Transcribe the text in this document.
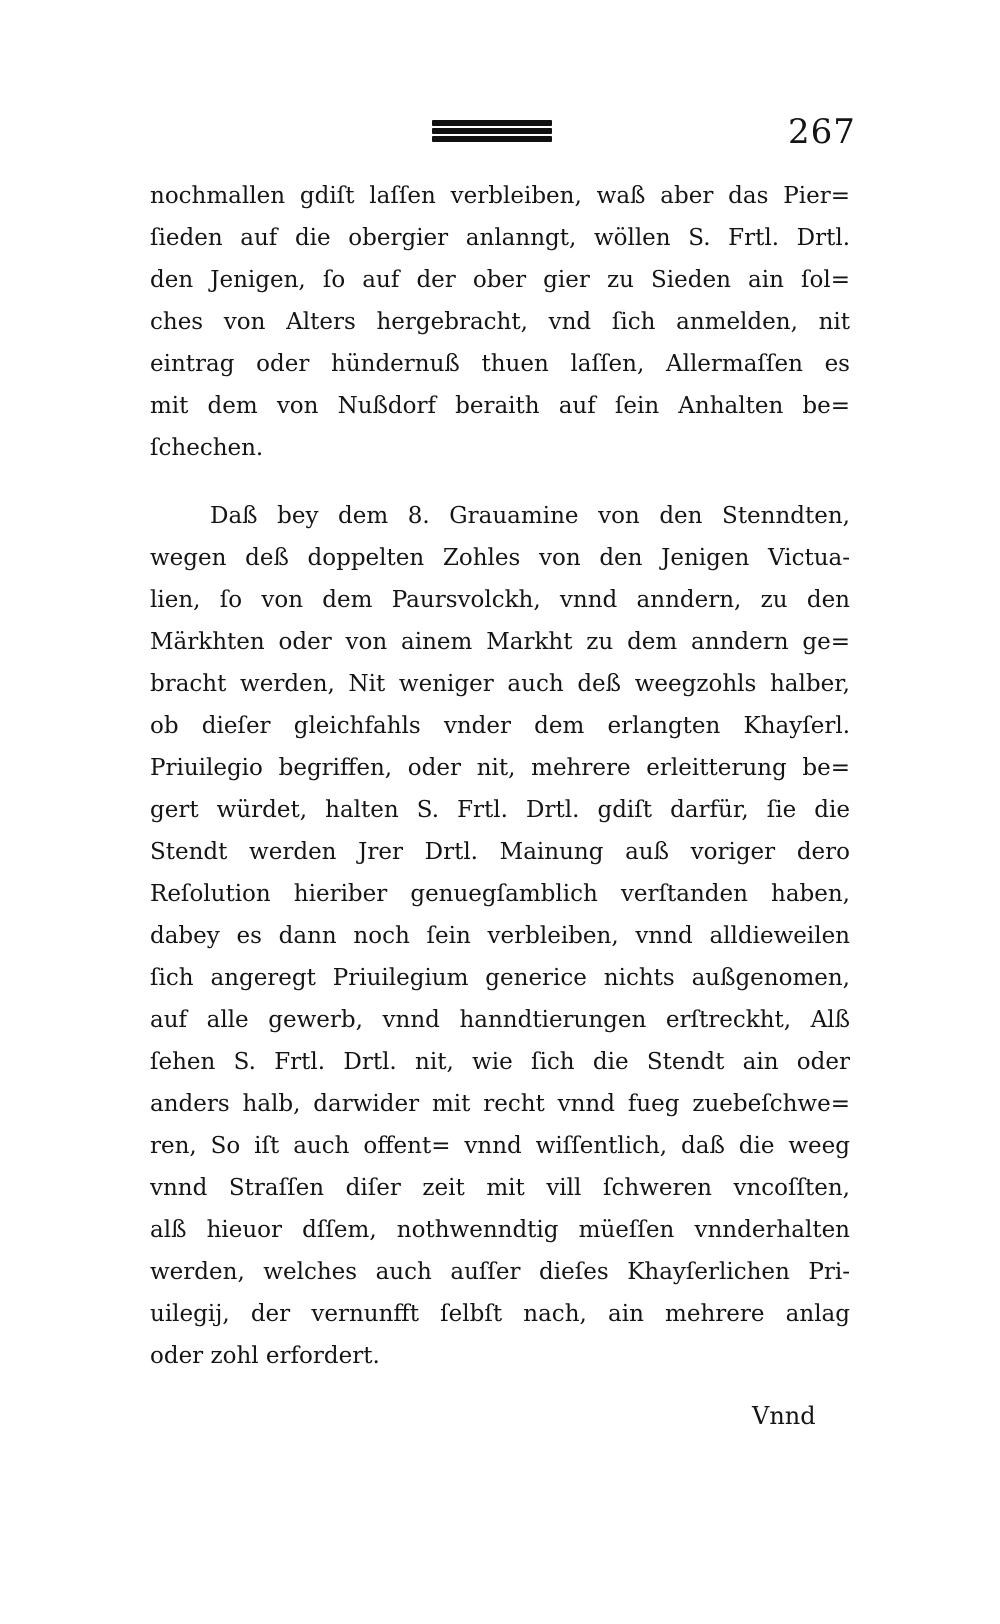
267
nochmallen gdiſt laſſen verbleiben, waß aber das Pier=
ſieden auf die obergier anlanngt, wöllen S. Frtl. Drtl.
den Jenigen, ſo auf der ober gier zu Sieden ain ſol=
ches von Alters hergebracht, vnd ſich anmelden, nit
eintrag oder hündernuß thuen laſſen, Allermaſſen es
mit dem von Nußdorf beraith auf ſein Anhalten be=
ſchechen.
Daß bey dem 8. Grauamine von den Stenndten,
wegen deß doppelten Zohles von den Jenigen Victua-
lien, ſo von dem Paursvolckh, vnnd anndern, zu den
Märkhten oder von ainem Markht zu dem anndern ge=
bracht werden, Nit weniger auch deß weegzohls halber,
ob dieſer gleichfahls vnder dem erlangten Khayſerl.
Priuilegio begriffen, oder nit, mehrere erleitterung be=
gert würdet, halten S. Frtl. Drtl. gdiſt darfür, ſie die
Stendt werden Jrer Drtl. Mainung auß voriger dero
Reſolution hieriber genuegſamblich verſtanden haben,
dabey es dann noch ſein verbleiben, vnnd alldieweilen
ſich angeregt Priuilegium generice nichts außgenomen,
auf alle gewerb, vnnd hanndtierungen erſtreckht, Alß
ſehen S. Frtl. Drtl. nit, wie ſich die Stendt ain oder
anders halb, darwider mit recht vnnd fueg zuebeſchwe=
ren, So iſt auch offent= vnnd wiſſentlich, daß die weeg
vnnd Straſſen diſer zeit mit vill ſchweren vncoſſten,
alß hieuor dſſem, nothwenndtig müeſſen vnnderhalten
werden, welches auch auſſer dieſes Khayſerlichen Pri-
uilegij, der vernunfft ſelbſt nach, ain mehrere anlag
oder zohl erfordert.
Vnnd
